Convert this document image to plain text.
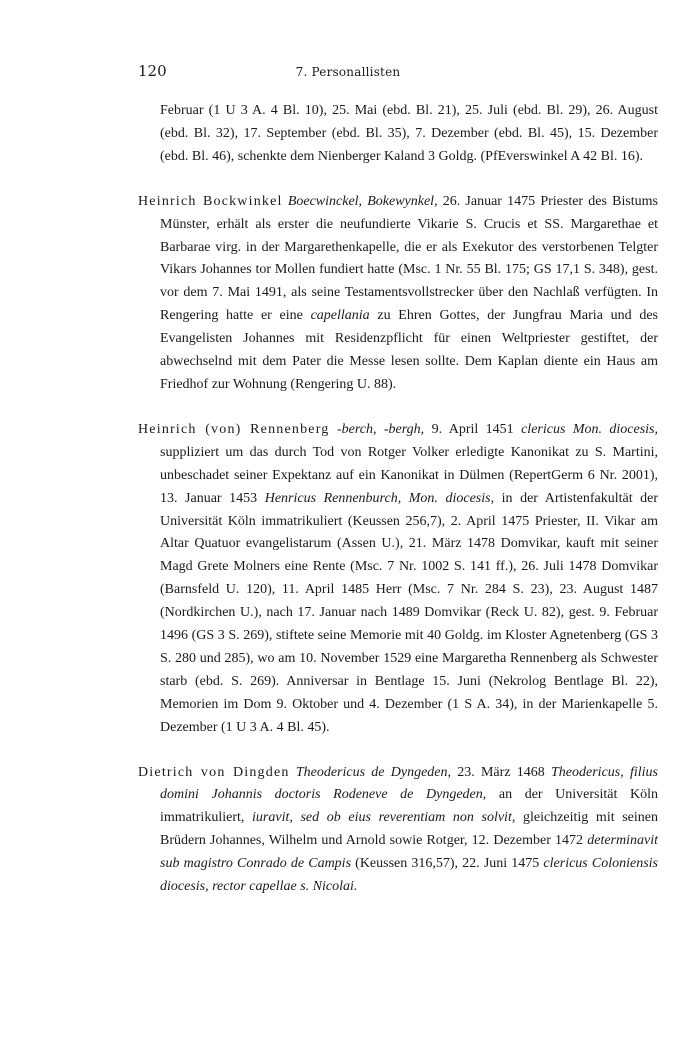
120	7. Personallisten

Februar (1 U 3 A. 4 Bl. 10), 25. Mai (ebd. Bl. 21), 25. Juli (ebd. Bl. 29), 26. August (ebd. Bl. 32), 17. September (ebd. Bl. 35), 7. Dezember (ebd. Bl. 45), 15. Dezember (ebd. Bl. 46), schenkte dem Nienberger Kaland 3 Goldg. (PfEverswinkel A 42 Bl. 16).

Heinrich Bockwinkel Boecwinckel, Bokewynkel, 26. Januar 1475 Priester des Bistums Münster, erhält als erster die neufundierte Vikarie S. Crucis et SS. Margarethae et Barbarae virg. in der Margarethenkapelle, die er als Exekutor des verstorbenen Telgter Vikars Johannes tor Mollen fundiert hatte (Msc. 1 Nr. 55 Bl. 175; GS 17,1 S. 348), gest. vor dem 7. Mai 1491, als seine Testamentsvollstrecker über den Nachlaß verfügten. In Rengering hatte er eine capellania zu Ehren Gottes, der Jungfrau Maria und des Evangelisten Johannes mit Residenzpflicht für einen Weltpriester gestiftet, der abwechselnd mit dem Pater die Messe lesen sollte. Dem Kaplan diente ein Haus am Friedhof zur Wohnung (Rengering U. 88).

Heinrich (von) Rennenberg -berch, -bergh, 9. April 1451 clericus Mon. diocesis, suppliziert um das durch Tod von Rotger Volker erledigte Kanonikat zu S. Martini, unbeschadet seiner Expektanz auf ein Kanonikat in Dülmen (RepertGerm 6 Nr. 2001), 13. Januar 1453 Henricus Rennenburch, Mon. diocesis, in der Artistenfakultät der Universität Köln immatrikuliert (Keussen 256,7), 2. April 1475 Priester, II. Vikar am Altar Quatuor evangelistarum (Assen U.), 21. März 1478 Domvikar, kauft mit seiner Magd Grete Molners eine Rente (Msc. 7 Nr. 1002 S. 141 ff.), 26. Juli 1478 Domvikar (Barnsfeld U. 120), 11. April 1485 Herr (Msc. 7 Nr. 284 S. 23), 23. August 1487 (Nordkirchen U.), nach 17. Januar nach 1489 Domvikar (Reck U. 82), gest. 9. Februar 1496 (GS 3 S. 269), stiftete seine Memorie mit 40 Goldg. im Kloster Agnetenberg (GS 3 S. 280 und 285), wo am 10. November 1529 eine Margaretha Rennenberg als Schwester starb (ebd. S. 269). Anniversar in Bentlage 15. Juni (Nekrolog Bentlage Bl. 22), Memorien im Dom 9. Oktober und 4. Dezember (1 S A. 34), in der Marienkapelle 5. Dezember (1 U 3 A. 4 Bl. 45).

Dietrich von Dingden Theodericus de Dyngeden, 23. März 1468 Theodericus, filius domini Johannis doctoris Rodeneve de Dyngeden, an der Universität Köln immatrikuliert, iuravit, sed ob eius reverentiam non solvit, gleichzeitig mit seinen Brüdern Johannes, Wilhelm und Arnold sowie Rotger, 12. Dezember 1472 determinavit sub magistro Conrado de Campis (Keussen 316,57), 22. Juni 1475 clericus Coloniensis diocesis, rector capellae s. Nicolai.
